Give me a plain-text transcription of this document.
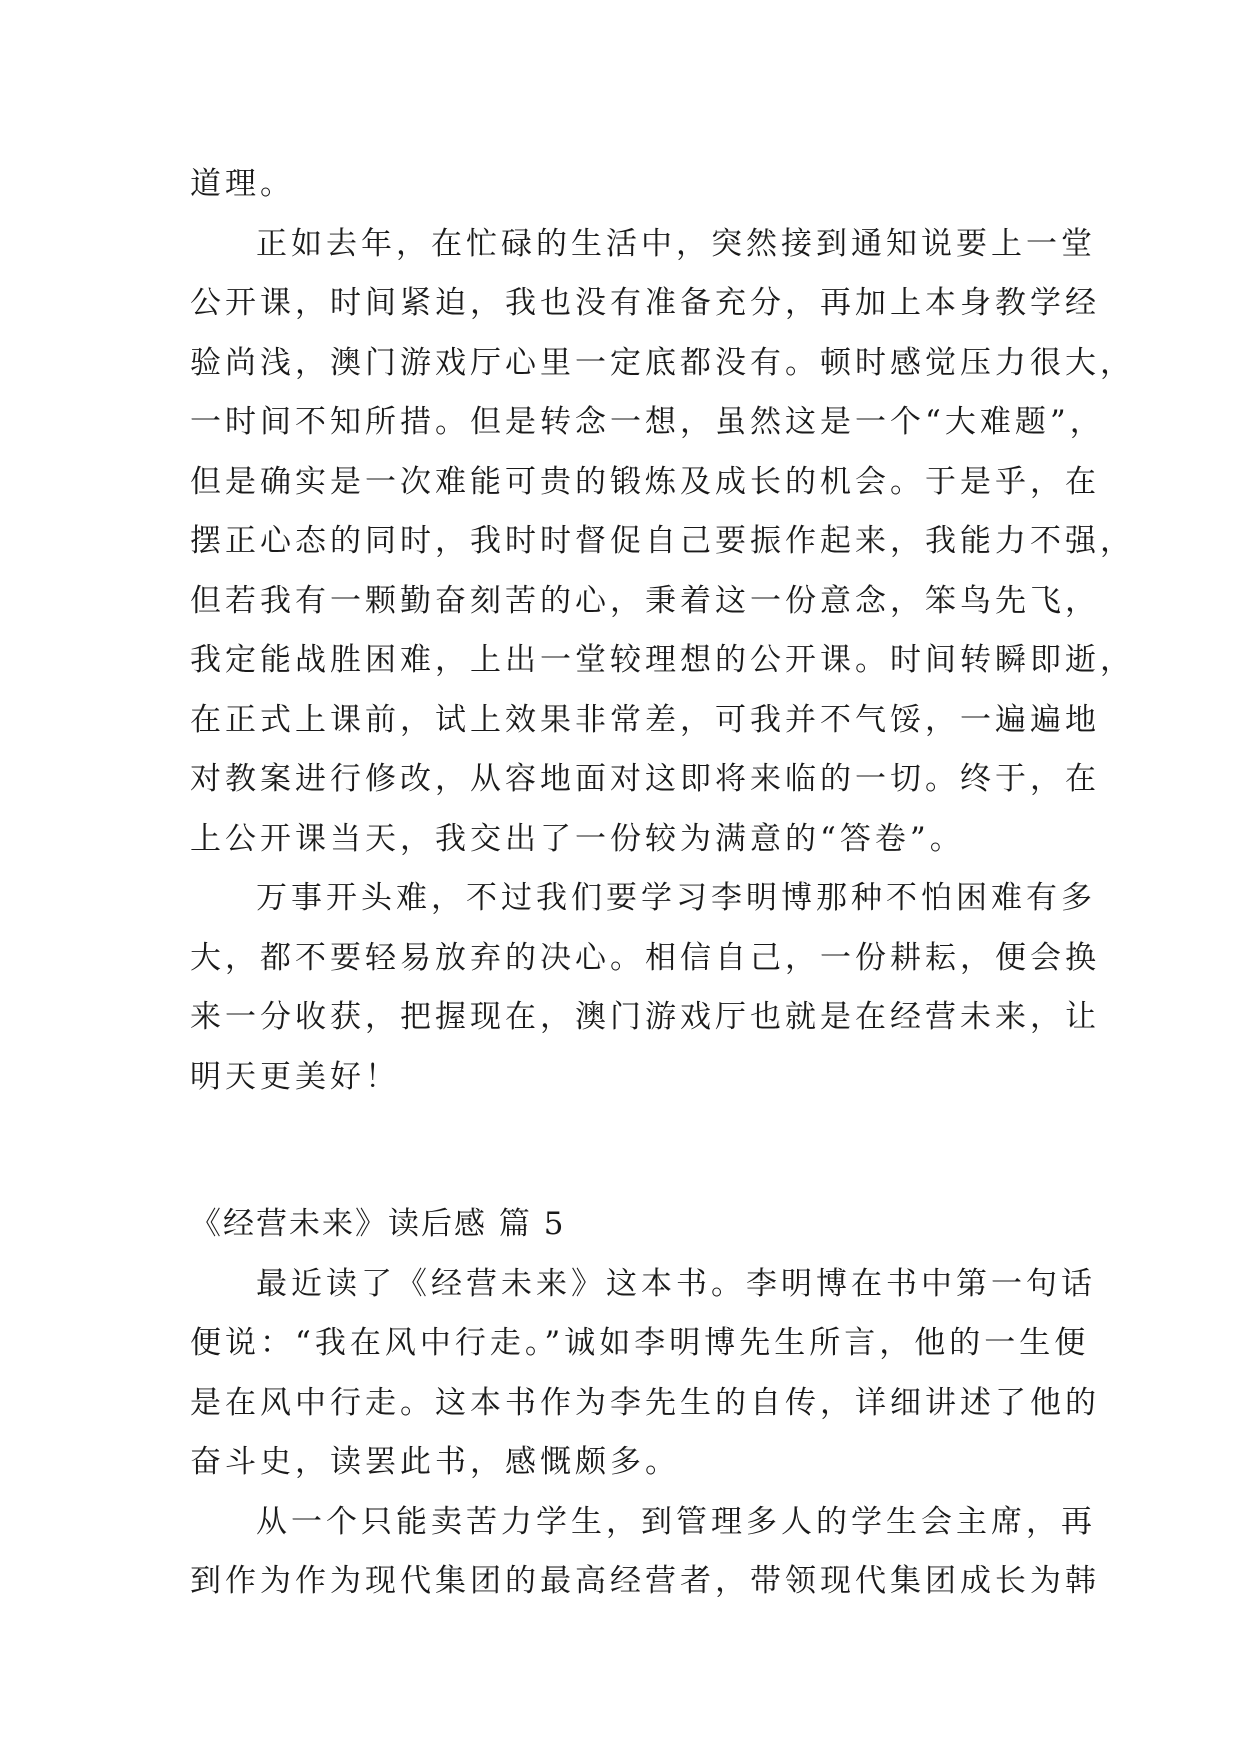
道理。
正如去年，在忙碌的生活中，突然接到通知说要上一堂
公开课，时间紧迫，我也没有准备充分，再加上本身教学经
验尚浅，澳门游戏厅心里一定底都没有。顿时感觉压力很大，
一时间不知所措。但是转念一想，虽然这是一个“大难题”，
但是确实是一次难能可贵的锻炼及成长的机会。于是乎，在
摆正心态的同时，我时时督促自己要振作起来，我能力不强，
但若我有一颗勤奋刻苦的心，秉着这一份意念，笨鸟先飞，
我定能战胜困难，上出一堂较理想的公开课。时间转瞬即逝，
在正式上课前，试上效果非常差，可我并不气馁，一遍遍地
对教案进行修改，从容地面对这即将来临的一切。终于，在
上公开课当天，我交出了一份较为满意的“答卷”。
万事开头难，不过我们要学习李明博那种不怕困难有多
大，都不要轻易放弃的决心。相信自己，一份耕耘，便会换
来一分收获，把握现在，澳门游戏厅也就是在经营未来，让
明天更美好！
《经营未来》读后感 篇 5
最近读了《经营未来》这本书。李明博在书中第一句话
便说：“我在风中行走。”诚如李明博先生所言，他的一生便
是在风中行走。这本书作为李先生的自传，详细讲述了他的
奋斗史，读罢此书，感慨颇多。
从一个只能卖苦力学生，到管理多人的学生会主席，再
到作为作为现代集团的最高经营者，带领现代集团成长为韩
